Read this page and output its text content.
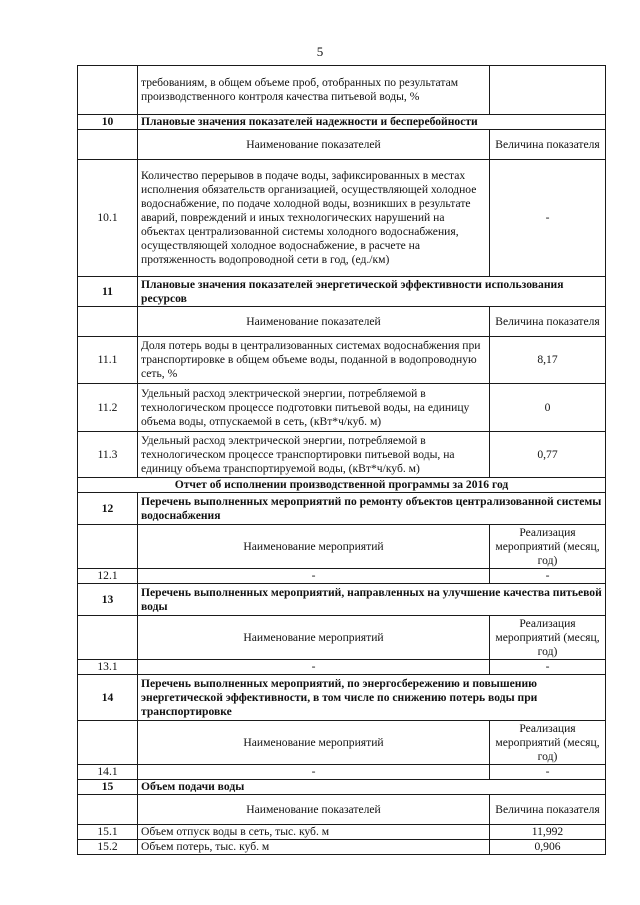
5
	требованиям, в общем объеме проб, отобранных по результатам производственного контроля качества питьевой воды, %	
10	Плановые значения показателей надежности и бесперебойности	
	Наименование показателей	Величина показателя
10.1	Количество перерывов в подаче воды, зафиксированных в местах исполнения обязательств организацией, осуществляющей холодное водоснабжение, по подаче холодной воды, возникших в результате аварий, повреждений и иных технологических нарушений на объектах централизованной системы холодного водоснабжения, осуществляющей холодное водоснабжение, в расчете на протяженность водопроводной сети в год, (ед./км)	-
11	Плановые значения показателей энергетической эффективности использования ресурсов	
	Наименование показателей	Величина показателя
11.1	Доля потерь воды в централизованных системах водоснабжения при транспортировке в общем объеме воды, поданной в водопроводную сеть, %	8,17
11.2	Удельный расход электрической энергии, потребляемой в технологическом процессе подготовки питьевой воды, на единицу объема воды, отпускаемой в сеть, (кВт*ч/куб. м)	0
11.3	Удельный расход электрической энергии, потребляемой в технологическом процессе транспортировки питьевой воды, на единицу объема транспортируемой воды, (кВт*ч/куб. м)	0,77
Отчет об исполнении производственной программы за 2016 год		
12	Перечень выполненных мероприятий по ремонту объектов централизованной системы водоснабжения	
	Наименование мероприятий	Реализация мероприятий (месяц, год)
12.1	-	-
13	Перечень выполненных мероприятий, направленных на улучшение качества питьевой воды	
	Наименование мероприятий	Реализация мероприятий (месяц, год)
13.1	-	-
14	Перечень выполненных мероприятий, по энергосбережению и повышению энергетической эффективности, в том числе по снижению потерь воды при транспортировке	
	Наименование мероприятий	Реализация мероприятий (месяц, год)
14.1	-	-
15	Объем подачи воды	
	Наименование показателей	Величина показателя
15.1	Объем отпуск воды в сеть, тыс. куб. м	11,992
15.2	Объем потерь, тыс. куб. м	0,906
